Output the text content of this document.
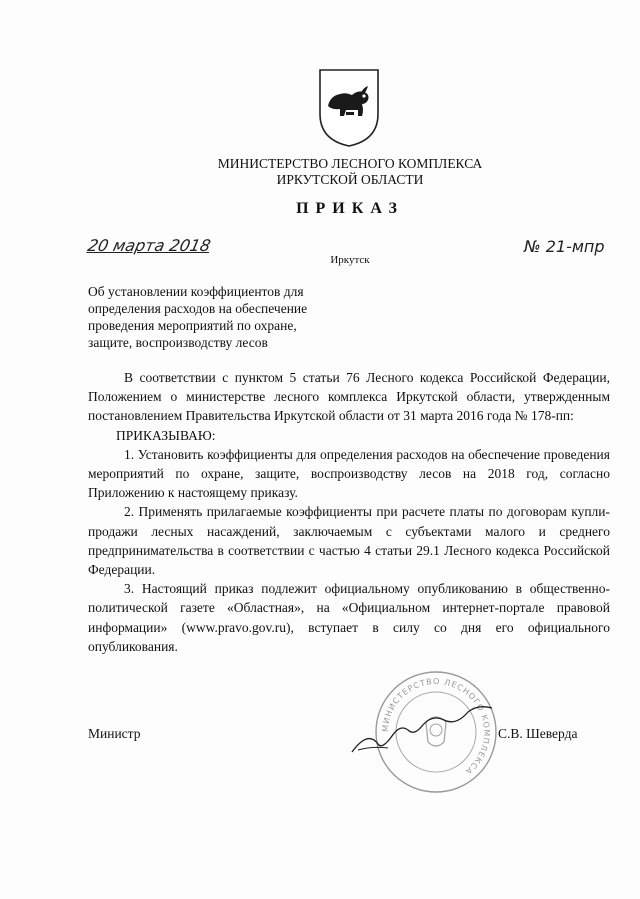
МИНИСТЕРСТВО ЛЕСНОГО КОМПЛЕКСА
ИРКУТСКОЙ ОБЛАСТИ
ПРИКАЗ
20 марта 2018	№ 21-мпр
Иркутск
Об установлении коэффициентов для
определения расходов на обеспечение
проведения мероприятий по охране,
защите, воспроизводству лесов

В соответствии с пунктом 5 статьи 76 Лесного кодекса Российской Федерации, Положением о министерстве лесного комплекса Иркутской области, утвержденным постановлением Правительства Иркутской области от 31 марта 2016 года № 178-пп:

ПРИКАЗЫВАЮ:

1. Установить коэффициенты для определения расходов на обеспечение проведения мероприятий по охране, защите, воспроизводству лесов на 2018 год, согласно Приложению к настоящему приказу.

2. Применять прилагаемые коэффициенты при расчете платы по договорам купли-продажи лесных насаждений, заключаемым с субъектами малого и среднего предпринимательства в соответствии с частью 4 статьи 29.1 Лесного кодекса Российской Федерации.

3. Настоящий приказ подлежит официальному опубликованию в общественно-политической газете «Областная», на «Официальном интернет-портале правовой информации» (www.pravo.gov.ru), вступает в силу со дня его официального опубликования.

МИНИСТЕРСТВО ЛЕСНОГО КОМПЛЕКСА
Министр	С.В. Шеверда
